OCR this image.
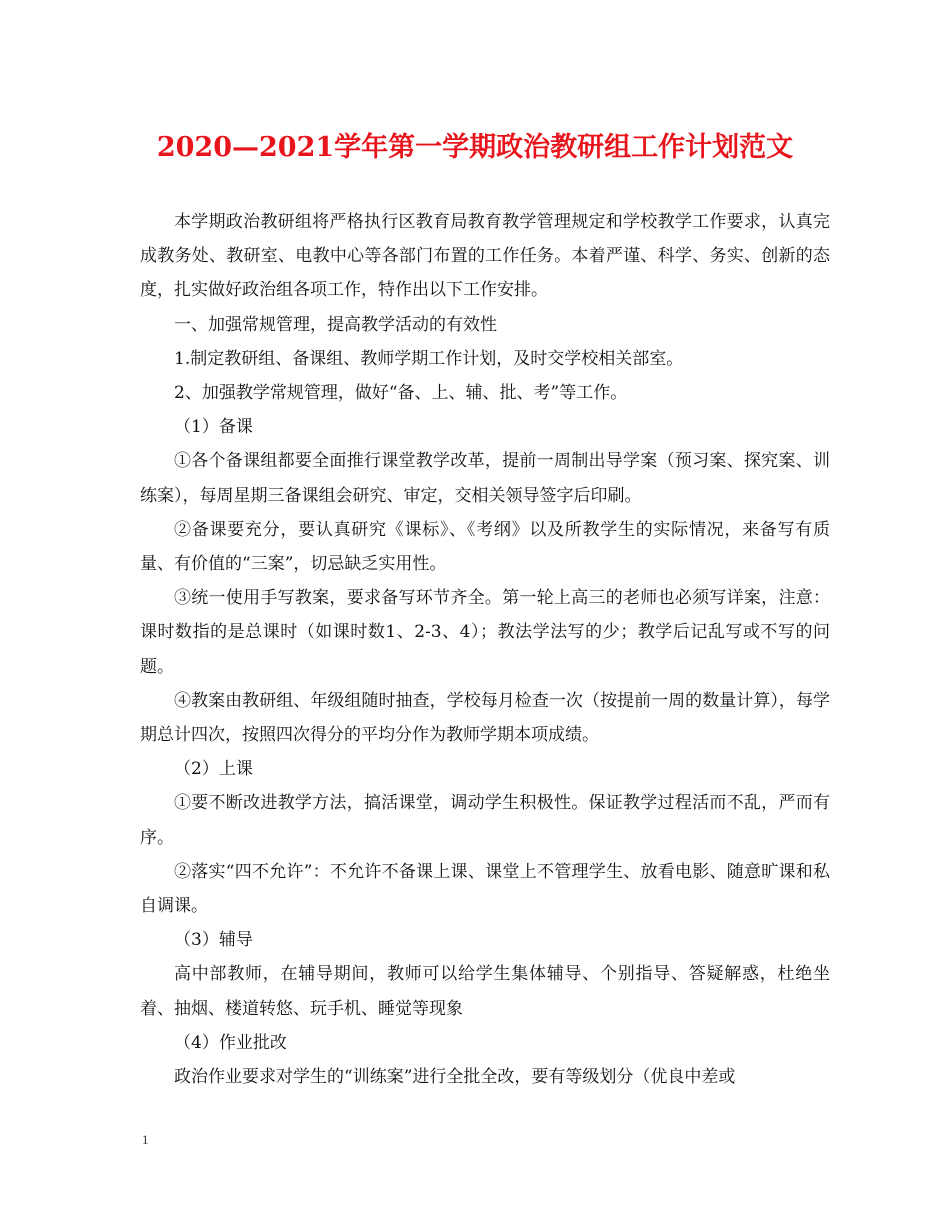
2020—2021学年第一学期政治教研组工作计划范文

本学期政治教研组将严格执行区教育局教育教学管理规定和学校教学工作要求，认真完成教务处、教研室、电教中心等各部门布置的工作任务。本着严谨、科学、务实、创新的态度，扎实做好政治组各项工作，特作出以下工作安排。

一、加强常规管理，提高教学活动的有效性

1.制定教研组、备课组、教师学期工作计划，及时交学校相关部室。

2、加强教学常规管理，做好“备、上、辅、批、考”等工作。

（1）备课

①各个备课组都要全面推行课堂教学改革，提前一周制出导学案（预习案、探究案、训练案），每周星期三备课组会研究、审定，交相关领导签字后印刷。

②备课要充分，要认真研究《课标》、《考纲》以及所教学生的实际情况，来备写有质量、有价值的“三案”，切忌缺乏实用性。

③统一使用手写教案，要求备写环节齐全。第一轮上高三的老师也必须写详案，注意：课时数指的是总课时（如课时数1、2-3、4）；教法学法写的少；教学后记乱写或不写的问题。

④教案由教研组、年级组随时抽查，学校每月检查一次（按提前一周的数量计算），每学期总计四次，按照四次得分的平均分作为教师学期本项成绩。

（2）上课

①要不断改进教学方法，搞活课堂，调动学生积极性。保证教学过程活而不乱，严而有序。

②落实“四不允许”：不允许不备课上课、课堂上不管理学生、放看电影、随意旷课和私自调课。

（3）辅导

高中部教师，在辅导期间，教师可以给学生集体辅导、个别指导、答疑解惑，杜绝坐着、抽烟、楼道转悠、玩手机、睡觉等现象

（4）作业批改

政治作业要求对学生的“训练案”进行全批全改，要有等级划分（优良中差或

1
